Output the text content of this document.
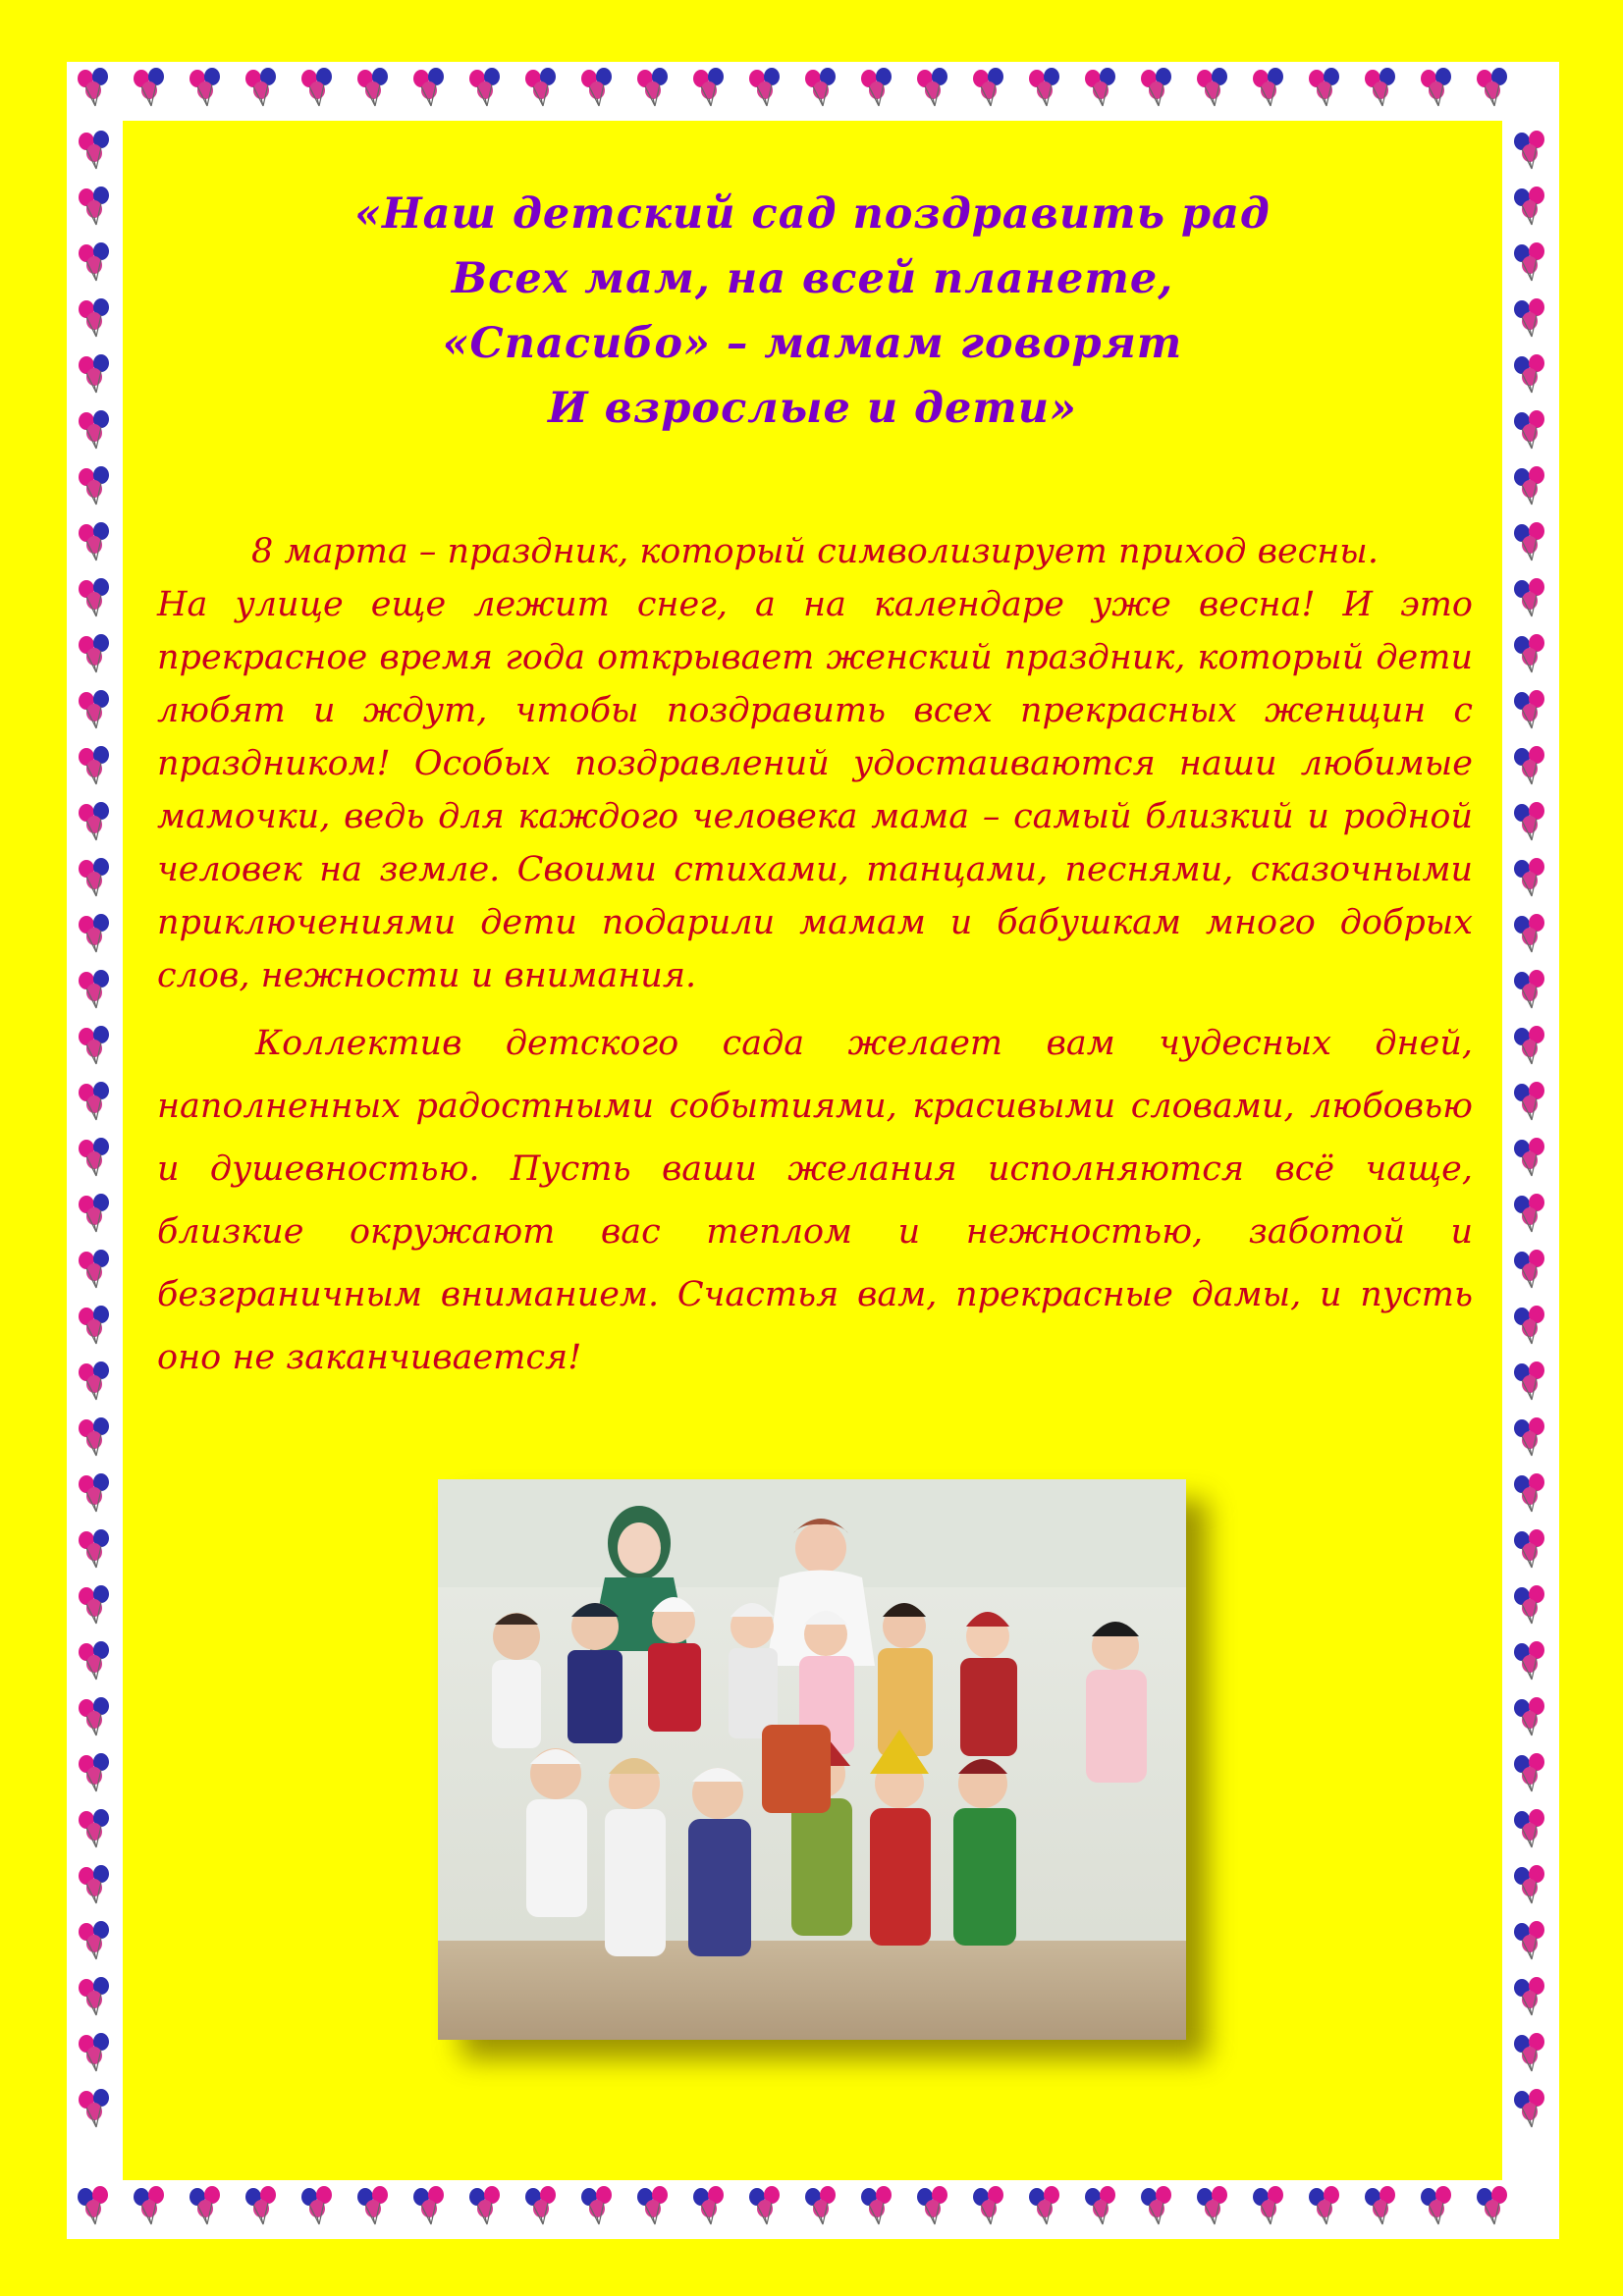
«Наш детский сад поздравить рад
Всех мам, на всей планете,
«Спасибо» – мамам говорят
И взрослые и дети»
8 марта – праздник, который символизирует приход весны.
На улице еще лежит снег, а на календаре уже весна! И это прекрасное время года открывает женский праздник, который дети любят и ждут, чтобы поздравить всех прекрасных женщин с праздником! Особых поздравлений удостаиваются наши любимые мамочки, ведь для каждого человека мама – самый близкий и родной человек на земле. Своими стихами, танцами, песнями, сказочными приключениями дети подарили мамам и бабушкам много добрых слов, нежности и внимания.
Коллектив детского сада желает вам чудесных дней, наполненных радостными событиями, красивыми словами, любовью и душевностью. Пусть ваши желания исполняются всё чаще, близкие окружают вас теплом и нежностью, заботой и безграничным вниманием. Счастья вам, прекрасные дамы, и пусть оно не заканчивается!
